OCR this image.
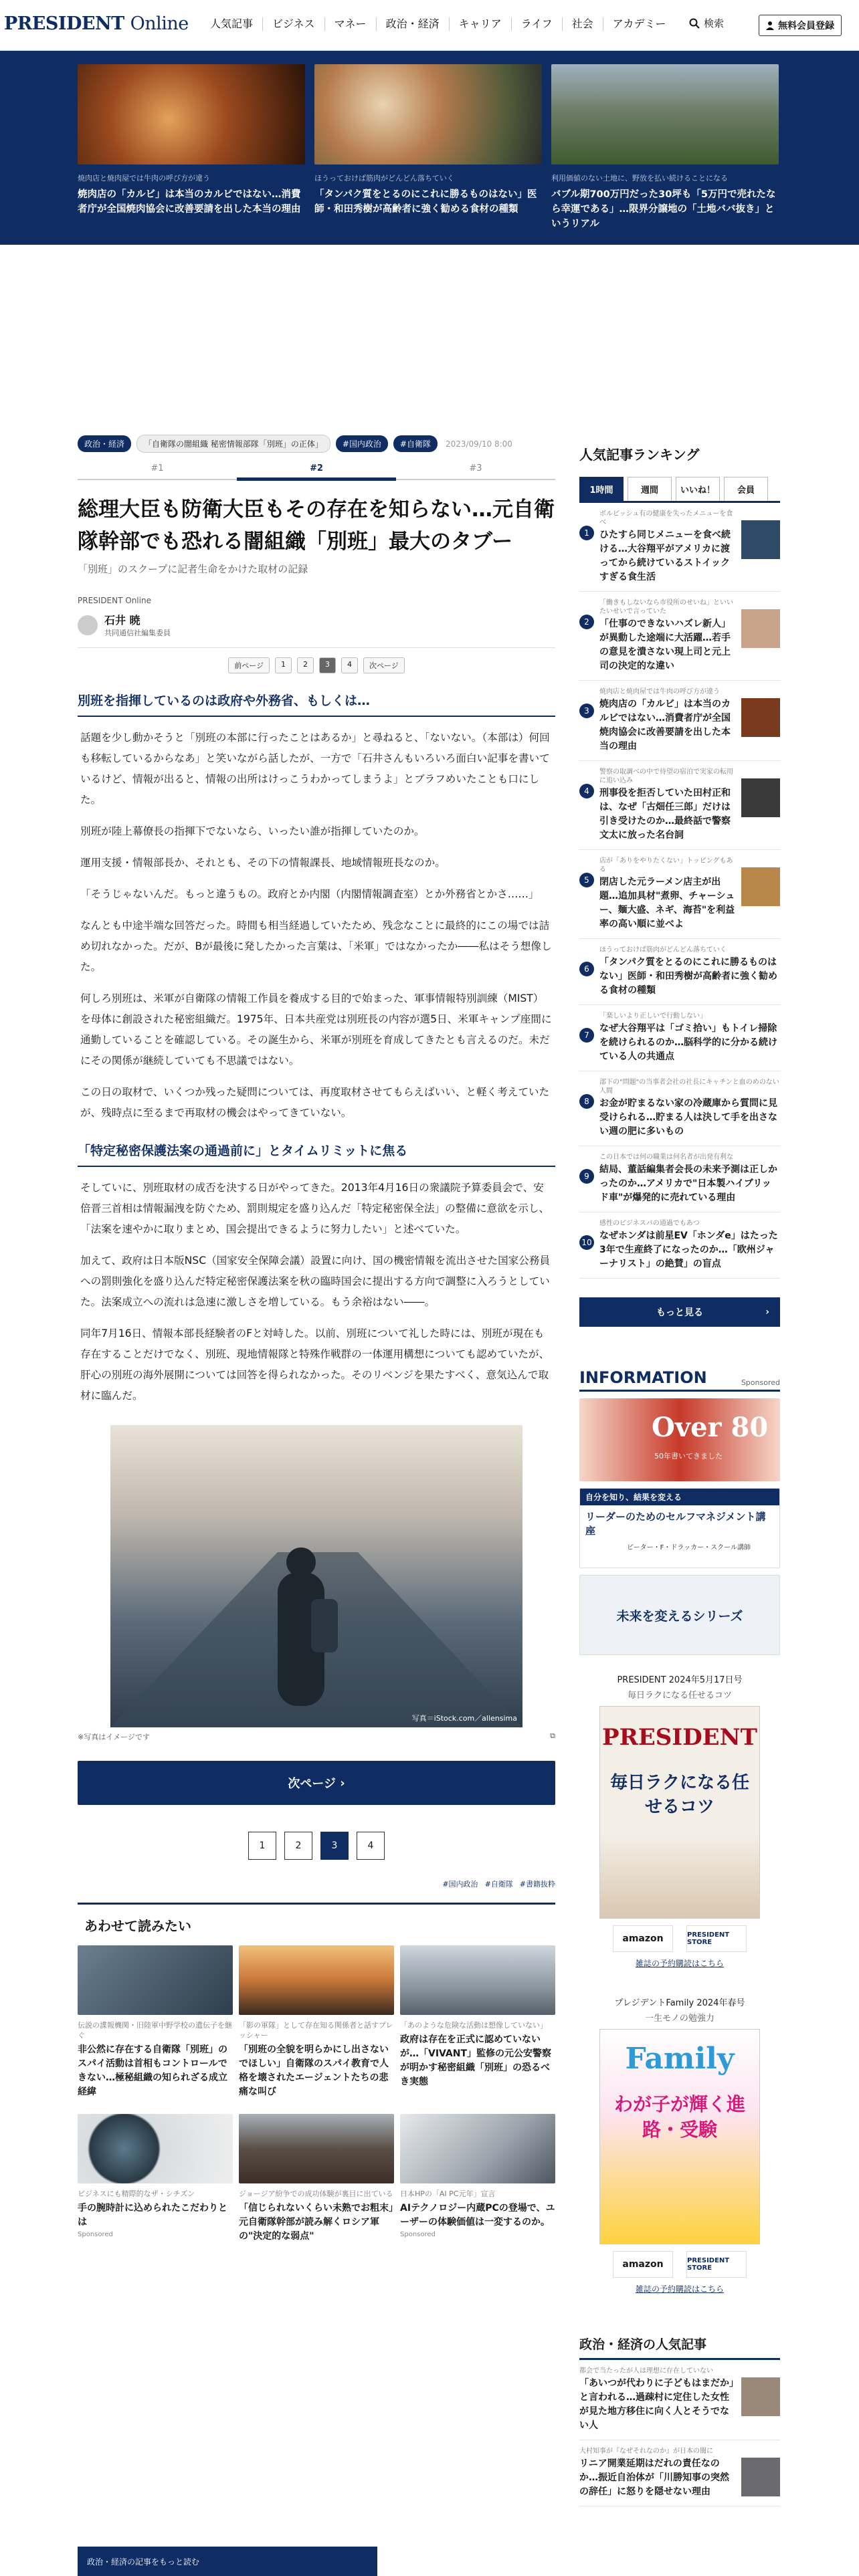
PRESIDENT Online	人気記事	ビジネス	マネー	政治・経済	キャリア	ライフ	社会	アカデミー	検索	無料会員登録
焼肉店と焼肉屋では牛肉の呼び方が違う
焼肉店の「カルビ」は本当のカルビではない…消費者庁が全国焼肉協会に改善要請を出した本当の理由
ほうっておけば筋肉がどんどん落ちていく
「タンパク質をとるのにこれに勝るものはない」医師・和田秀樹が高齢者に強く勧める食材の種類
利用価値のない土地に、野放を払い続けることになる
バブル期700万円だった30坪も「5万円で売れたなら幸運である」…限界分譲地の「土地ババ抜き」というリアル
政治・経済	「自衛隊の闇組織 秘密情報部隊「別班」の正体」	#国内政治	#自衛隊	2023/09/10 8:00
#1	#2	#3
総理大臣も防衛大臣もその存在を知らない…元自衛隊幹部でも恐れる闇組織「別班」最大のタブー
「別班」のスクープに記者生命をかけた取材の記録
PRESIDENT Online
石井 暁
共同通信社編集委員
前ページ	1	2	3	4	次ページ
別班を指揮しているのは政府や外務省、もしくは…

話題を少し動かそうと「別班の本部に行ったことはあるか」と尋ねると、「ないない。（本部は）何回も移転しているからなあ」と笑いながら話したが、一方で「石井さんもいろいろ面白い記事を書いているけど、情報が出ると、情報の出所はけっこうわかってしまうよ」とブラフめいたことも口にした。

別班が陸上幕僚長の指揮下でないなら、いったい誰が指揮していたのか。

運用支援・情報部長か、それとも、その下の情報課長、地域情報班長なのか。

「そうじゃないんだ。もっと違うもの。政府とか内閣（内閣情報調査室）とか外務省とかさ……」

なんとも中途半端な回答だった。時間も相当経過していたため、残念なことに最終的にこの場では詰め切れなかった。だが、Bが最後に発したかった言葉は、「米軍」ではなかったか――私はそう想像した。

何しろ別班は、米軍が自衛隊の情報工作員を養成する目的で始まった、軍事情報特別訓練（MIST）を母体に創設された秘密組織だ。1975年、日本共産党は別班長の内容が選5日、米軍キャンプ座間に通勤していることを確認している。その誕生から、米軍が別班を育成してきたとも言えるのだ。未だにその関係が継続していても不思議ではない。

この日の取材で、いくつか残った疑問については、再度取材させてもらえばいい、と軽く考えていたが、残時点に至るまで再取材の機会はやってきていない。

「特定秘密保護法案の通過前に」とタイムリミットに焦る

そしていに、別班取材の成否を決する日がやってきた。2013年4月16日の衆議院予算委員会で、安倍晋三首相は情報漏洩を防ぐため、罰則規定を盛り込んだ「特定秘密保全法」の整備に意欲を示し、「法案を速やかに取りまとめ、国会提出できるように努力したい」と述べていた。

加えて、政府は日本版NSC（国家安全保障会議）設置に向け、国の機密情報を流出させた国家公務員への罰則強化を盛り込んだ特定秘密保護法案を秋の臨時国会に提出する方向で調整に入ろうとしていた。法案成立への流れは急速に激しさを増している。もう余裕はない――。

同年7月16日、情報本部長経験者のFと対峙した。以前、別班について礼した時には、別班が現在も存在することだけでなく、別班、現地情報隊と特殊作戦群の一体運用構想についても認めていたが、肝心の別班の海外展開については回答を得られなかった。そのリベンジを果たすべく、意気込んで取材に臨んだ。

写真＝iStock.com／allensima
※写真はイメージです	⧉
次ページ ›
1	2	3	4
#国内政治 #自衛隊 #書籍抜粋
あわせて読みたい
伝説の諜報機関・旧陸軍中野学校の遺伝子を継ぐ
非公然に存在する自衛隊「別班」のスパイ活動は首相もコントロールできない…極秘組織の知られざる成立経緯
「影の軍隊」として存在知る関係者と話すプレッシャー
「別班の全貌を明らかにし出さないでほしい」自衛隊のスパイ教育で人格を壊されたエージェントたちの悲痛な叫び
「あのような危険な活動は想像していない」
政府は存在を正式に認めていないが…「VIVANT」監修の元公安警察が明かす秘密組織「別班」の恐るべき実態
ビジネスにも精際的なザ・シチズン
手の腕時計に込められたこだわりとは
Sponsored
ジョージア紛争での成功体験が裏目に出ている
「信じられないくらい未熟でお粗末」元自衛隊幹部が読み解くロシア軍の"決定的な弱点"
日本HPの「AI PC元年」宣言
AIテクノロジー内蔵PCの登場で、ユーザーの体験価値は一変するのか。
Sponsored
人気記事ランキング
1時間	週間	いいね！	会員
1
ボルビッシュ有の健康を失ったメニューを食べ
ひたすら同じメニューを食べ続ける…大谷翔平がアメリカに渡ってから続けているストイックすぎる食生活
2
「働きもしないなら市役所のせいね」といいたいせいで言っていた
「仕事のできないハズレ新人」が異動した途端に大活躍…若手の意見を潰さない現上司と元上司の決定的な違い
3
焼肉店と焼肉屋では牛肉の呼び方が違う
焼肉店の「カルビ」は本当のカルビではない…消費者庁が全国焼肉協会に改善要請を出した本当の理由
4
警察の取調べの中で待望の宿泊で実家の転用に追い込み
刑事役を拒否していた田村正和は、なぜ「古畑任三郎」だけは引き受けたのか…最終話で警察文太に放った名台詞
5
店が「ありをやりたくない」トッピングもある
閉店した元ラーメン店主が出題…追加具材"煮卵、チャーシュー、麺大盛、ネギ、海苔"を利益率の高い順に並べよ
6
ほうっておけば筋肉がどんどん落ちていく
「タンパク質をとるのにこれに勝るものはない」医師・和田秀樹が高齢者に強く勧める食材の種類
7
「楽しいより正しいで行動しない」
なぜ大谷翔平は「ゴミ拾い」もトイレ掃除を続けられるのか…脳科学的に分かる続けている人の共通点
8
部下の"問題"の当事者会社の社長にキャチンと血のめのない人間
お金が貯まるない家の冷蔵庫から質問に見受けられる…貯まる人は決して手を出さない週の肥に多いもの
9
この日本では何の職業は何名者が出発有利な
結局、董話編集者会長の未来予測は正しかったのか…アメリカで"日本製ハイブリッド車"が爆発的に売れている理由
10
感性のビジネスパの通過でもあつ
なぜホンダは前星EV「ホンダe」はたった3年で生産終了になったのか…「欧州ジャーナリスト」の絶賛」の盲点
もっと見る	›
INFORMATION	Sponsored
Over 80
50年書いてきました
自分を知り、結果を変える
リーダーのためのセルフマネジメント講座
ピーター・F・ドラッカー・スクール講師
未来を変えるシリーズ
PRESIDENT 2024年5月17日号
毎日ラクになる任せるコツ
PRESIDENT
毎日ラクになる任せるコツ
amazon	PRESIDENT STORE
雑誌の予約購読はこちら
プレジデントFamily 2024年春号
一生モノの勉強力
Family
わが子が輝く進路・受験
amazon	PRESIDENT STORE
雑誌の予約購読はこちら
政治・経済の人気記事
都会で当たったが人は理想に存在していない
「あいつが代わりに子どもはまだか」と言われる…過疎村に定住した女性が見た地方移住に向く人とそうでない人
大村知事が『なぜそれなのか』が日本の闇に
リニア開業延期はだれの責任なのか…振近自治体が「川勝知事の突然の辞任」に怒りを隠せない理由
政治・経済の記事をもっと読む
